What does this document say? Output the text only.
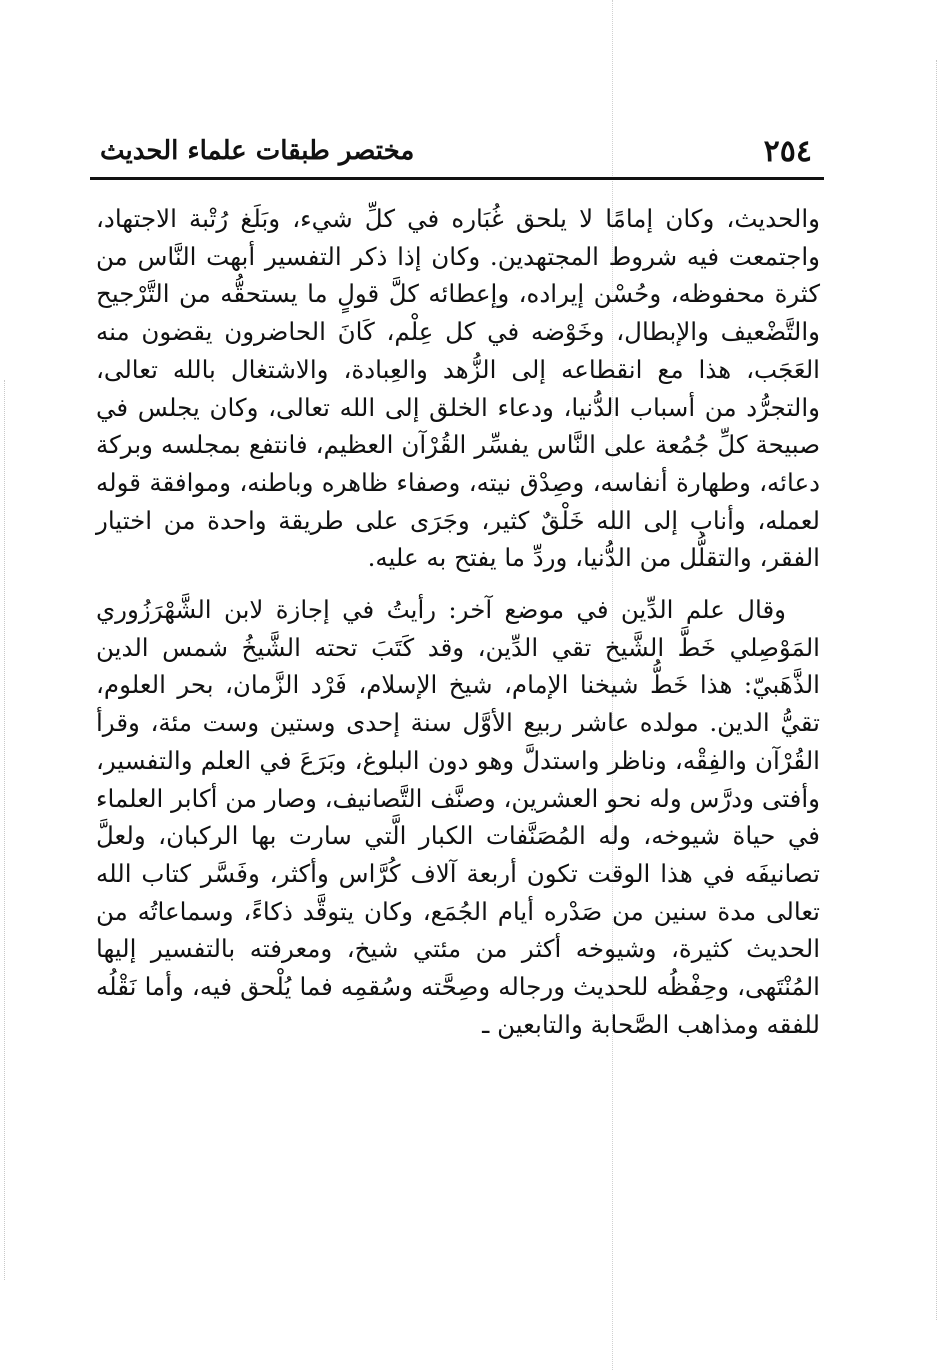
٢٥٤
مختصر طبقات علماء الحديث

والحديث، وكان إمامًا لا يلحق غُبَاره في كلِّ شيء، وبَلَغ رُتْبة الاجتهاد، واجتمعت فيه شروط المجتهدين. وكان إذا ذكر التفسير أبهت النَّاس من كثرة محفوظه، وحُسْن إيراده، وإعطائه كلَّ قولٍ ما يستحقُّه من التَّرْجيح والتَّضْعيف والإبطال، وخَوْضه في كل عِلْم، كَانَ الحاضرون يقضون منه العَجَب، هذا مع انقطاعه إلى الزُّهد والعِبادة، والاشتغال بالله تعالى، والتجرُّد من أسباب الدُّنيا، ودعاء الخلق إلى الله تعالى، وكان يجلس في صبيحة كلِّ جُمُعة على النَّاس يفسِّر القُرْآن العظيم، فانتفع بمجلسه وبركة دعائه، وطهارة أنفاسه، وصِدْق نيته، وصفاء ظاهره وباطنه، وموافقة قوله لعمله، وأناب إلى الله خَلْقٌ كثير، وجَرَى على طريقة واحدة من اختيار الفقر، والتقلُّل من الدُّنيا، وردِّ ما يفتح به عليه.

وقال علم الدِّين في موضع آخر: رأيتُ في إجازة لابن الشَّهْرَزُوري المَوْصِلي خَطَّ الشَّيخ تقي الدِّين، وقد كَتَبَ تحته الشَّيخُ شمس الدين الذَّهَبيّ: هذا خَطُّ شيخنا الإمام، شيخ الإسلام، فَرْد الزَّمان، بحر العلوم، تقيُّ الدين. مولده عاشر ربيع الأوَّل سنة إحدى وستين وست مئة، وقرأ القُرْآن والفِقْه، وناظر واستدلَّ وهو دون البلوغ، وبَرَعَ في العلم والتفسير، وأفتى ودرَّس وله نحو العشرين، وصنَّف التَّصانيف، وصار من أكابر العلماء في حياة شيوخه، وله المُصَنَّفات الكبار الَّتي سارت بها الركبان، ولعلَّ تصانيفَه في هذا الوقت تكون أربعة آلاف كُرَّاس وأكثر، وفَسَّر كتاب الله تعالى مدة سنين من صَدْره أيام الجُمَع، وكان يتوقَّد ذكاءً، وسماعاتُه من الحديث كثيرة، وشيوخه أكثر من مئتي شيخ، ومعرفته بالتفسير إليها المُنْتَهى، وحِفْظُه للحديث ورجاله وصِحَّته وسُقمِه فما يُلْحق فيه، وأما نَقْلُه للفقه ومذاهب الصَّحابة والتابعين ـ
